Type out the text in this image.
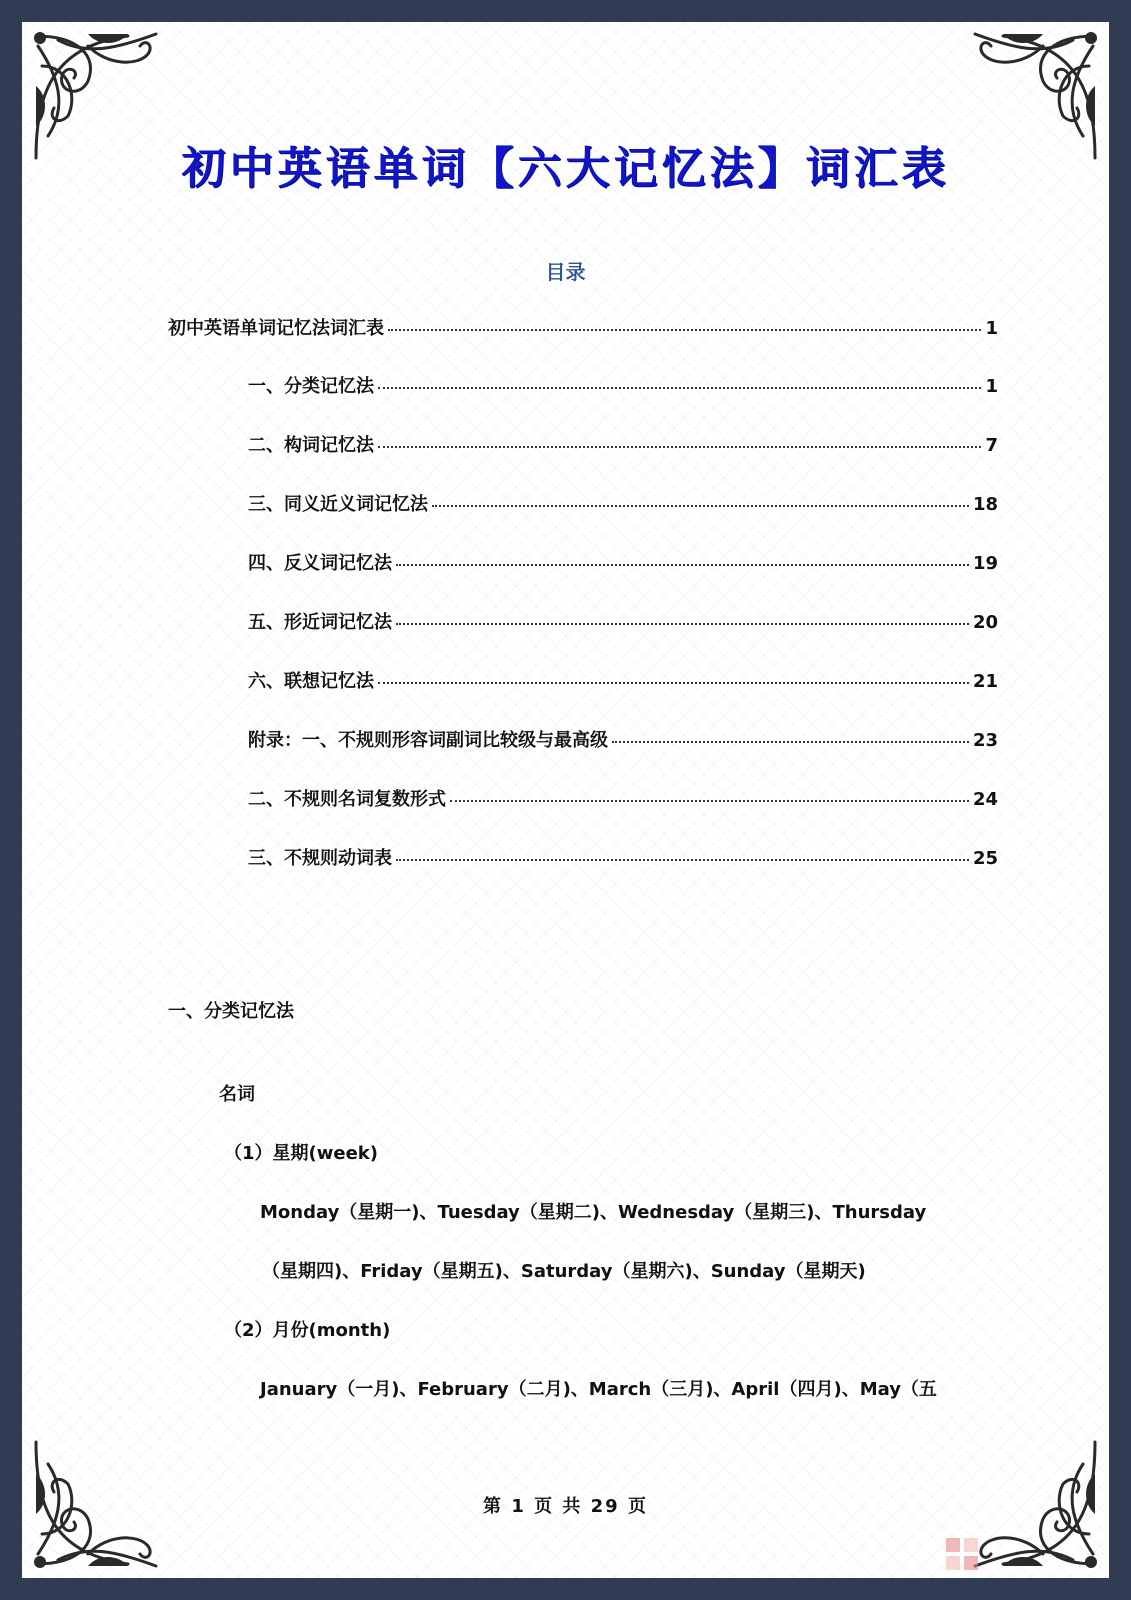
初中英语单词【六大记忆法】词汇表
目录
初中英语单词记忆法词汇表	1
一、分类记忆法	1
二、构词记忆法	7
三、同义近义词记忆法	18
四、反义词记忆法	19
五、形近词记忆法	20
六、联想记忆法	21
附录：一、不规则形容词副词比较级与最高级	23
二、不规则名词复数形式	24
三、不规则动词表	25
一、分类记忆法
名词
（1）星期(week)
Monday（星期一)、Tuesday（星期二)、Wednesday（星期三)、Thursday
（星期四)、Friday（星期五)、Saturday（星期六)、Sunday（星期天)
（2）月份(month)
January（一月)、February（二月)、March（三月)、April（四月)、May（五
第 1 页 共 29 页
